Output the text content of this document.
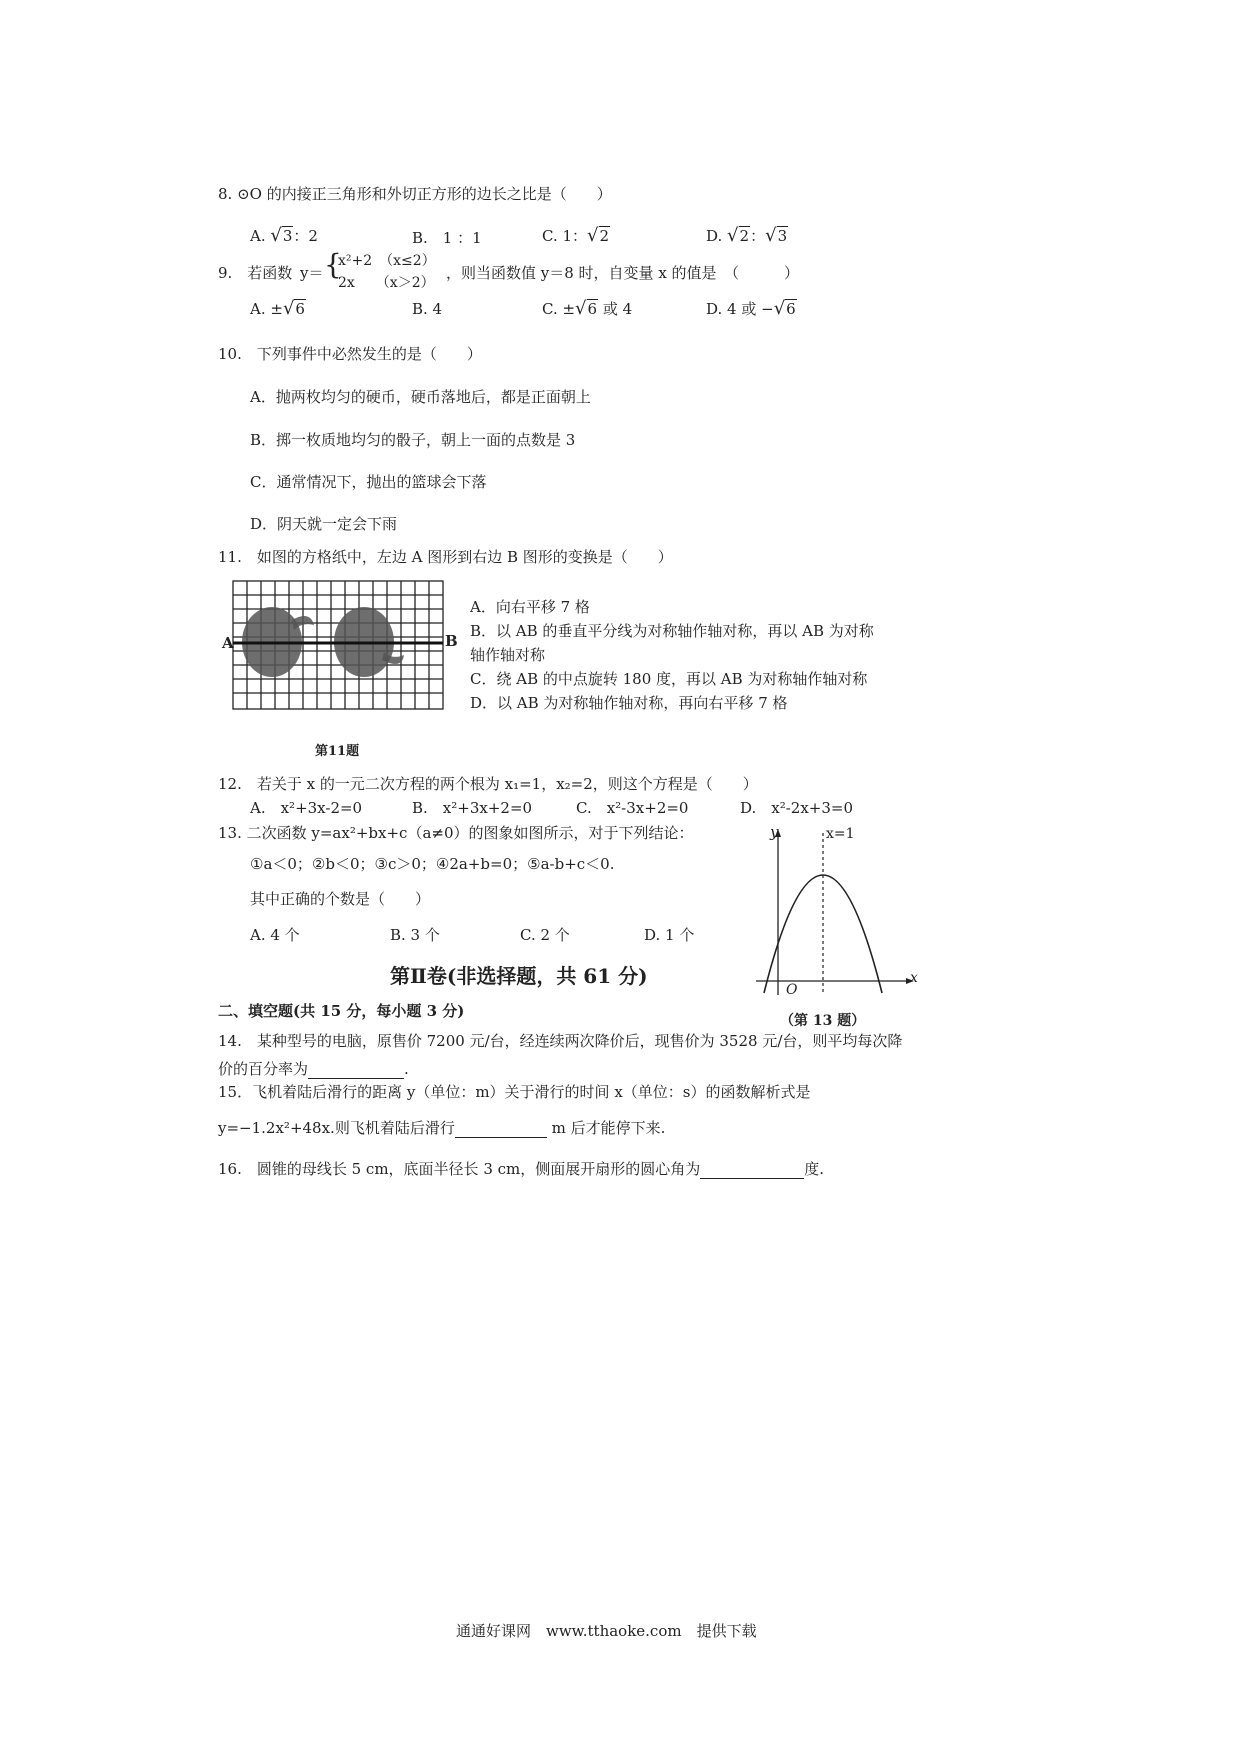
8. ⊙O 的内接正三角形和外切正方形的边长之比是（　　）
A. √3：2	B.　1 ：1	C. 1：√2	D. √2：√3
9.　若函数 y＝ {
x²+2　（x≤2）
2x　　（x＞2）
，则当函数值 y＝8 时，自变量 x 的值是　（　　　）
A. ±√6	B. 4	C. ±√6 或 4	D. 4 或 −√6
10.　下列事件中必然发生的是（　　）
A．抛两枚均匀的硬币，硬币落地后，都是正面朝上
B．掷一枚质地均匀的骰子，朝上一面的点数是 3
C．通常情况下，抛出的篮球会下落
D．阴天就一定会下雨
11.　如图的方格纸中，左边 A 图形到右边 B 图形的变换是（　　）
A	B
A．向右平移 7 格
B．以 AB 的垂直平分线为对称轴作轴对称，再以 AB 为对称
轴作轴对称
C．绕 AB 的中点旋转 180 度，再以 AB 为对称轴作轴对称
D．以 AB 为对称轴作轴对称，再向右平移 7 格
第11题
12.　若关于 x 的一元二次方程的两个根为 x₁=1，x₂=2，则这个方程是（　　）
A.　x²+3x-2=0	B.　x²+3x+2=0	C.　x²-3x+2=0	D.　x²-2x+3=0
13. 二次函数 y=ax²+bx+c（a≠0）的图象如图所示，对于下列结论：
①a＜0；②b＜0；③c＞0；④2a+b=0；⑤a-b+c＜0.
其中正确的个数是（　　）
A. 4 个	B. 3 个	C. 2 个	D. 1 个
y	x=1
O
x
（第 13 题）
第Ⅱ卷(非选择题，共 61 分)
二、填空题(共 15 分，每小题 3 分)
14.　某种型号的电脑，原售价 7200 元/台，经连续两次降价后，现售价为 3528 元/台，则平均每次降
价的百分率为	.
15．飞机着陆后滑行的距离 y（单位：m）关于滑行的时间 x（单位：s）的函数解析式是
y=−1.2x²+48x.则飞机着陆后滑行	m 后才能停下来.
16.　圆锥的母线长 5 cm，底面半径长 3 cm，侧面展开扇形的圆心角为	度.
通通好课网　www.tthaoke.com　提供下载
